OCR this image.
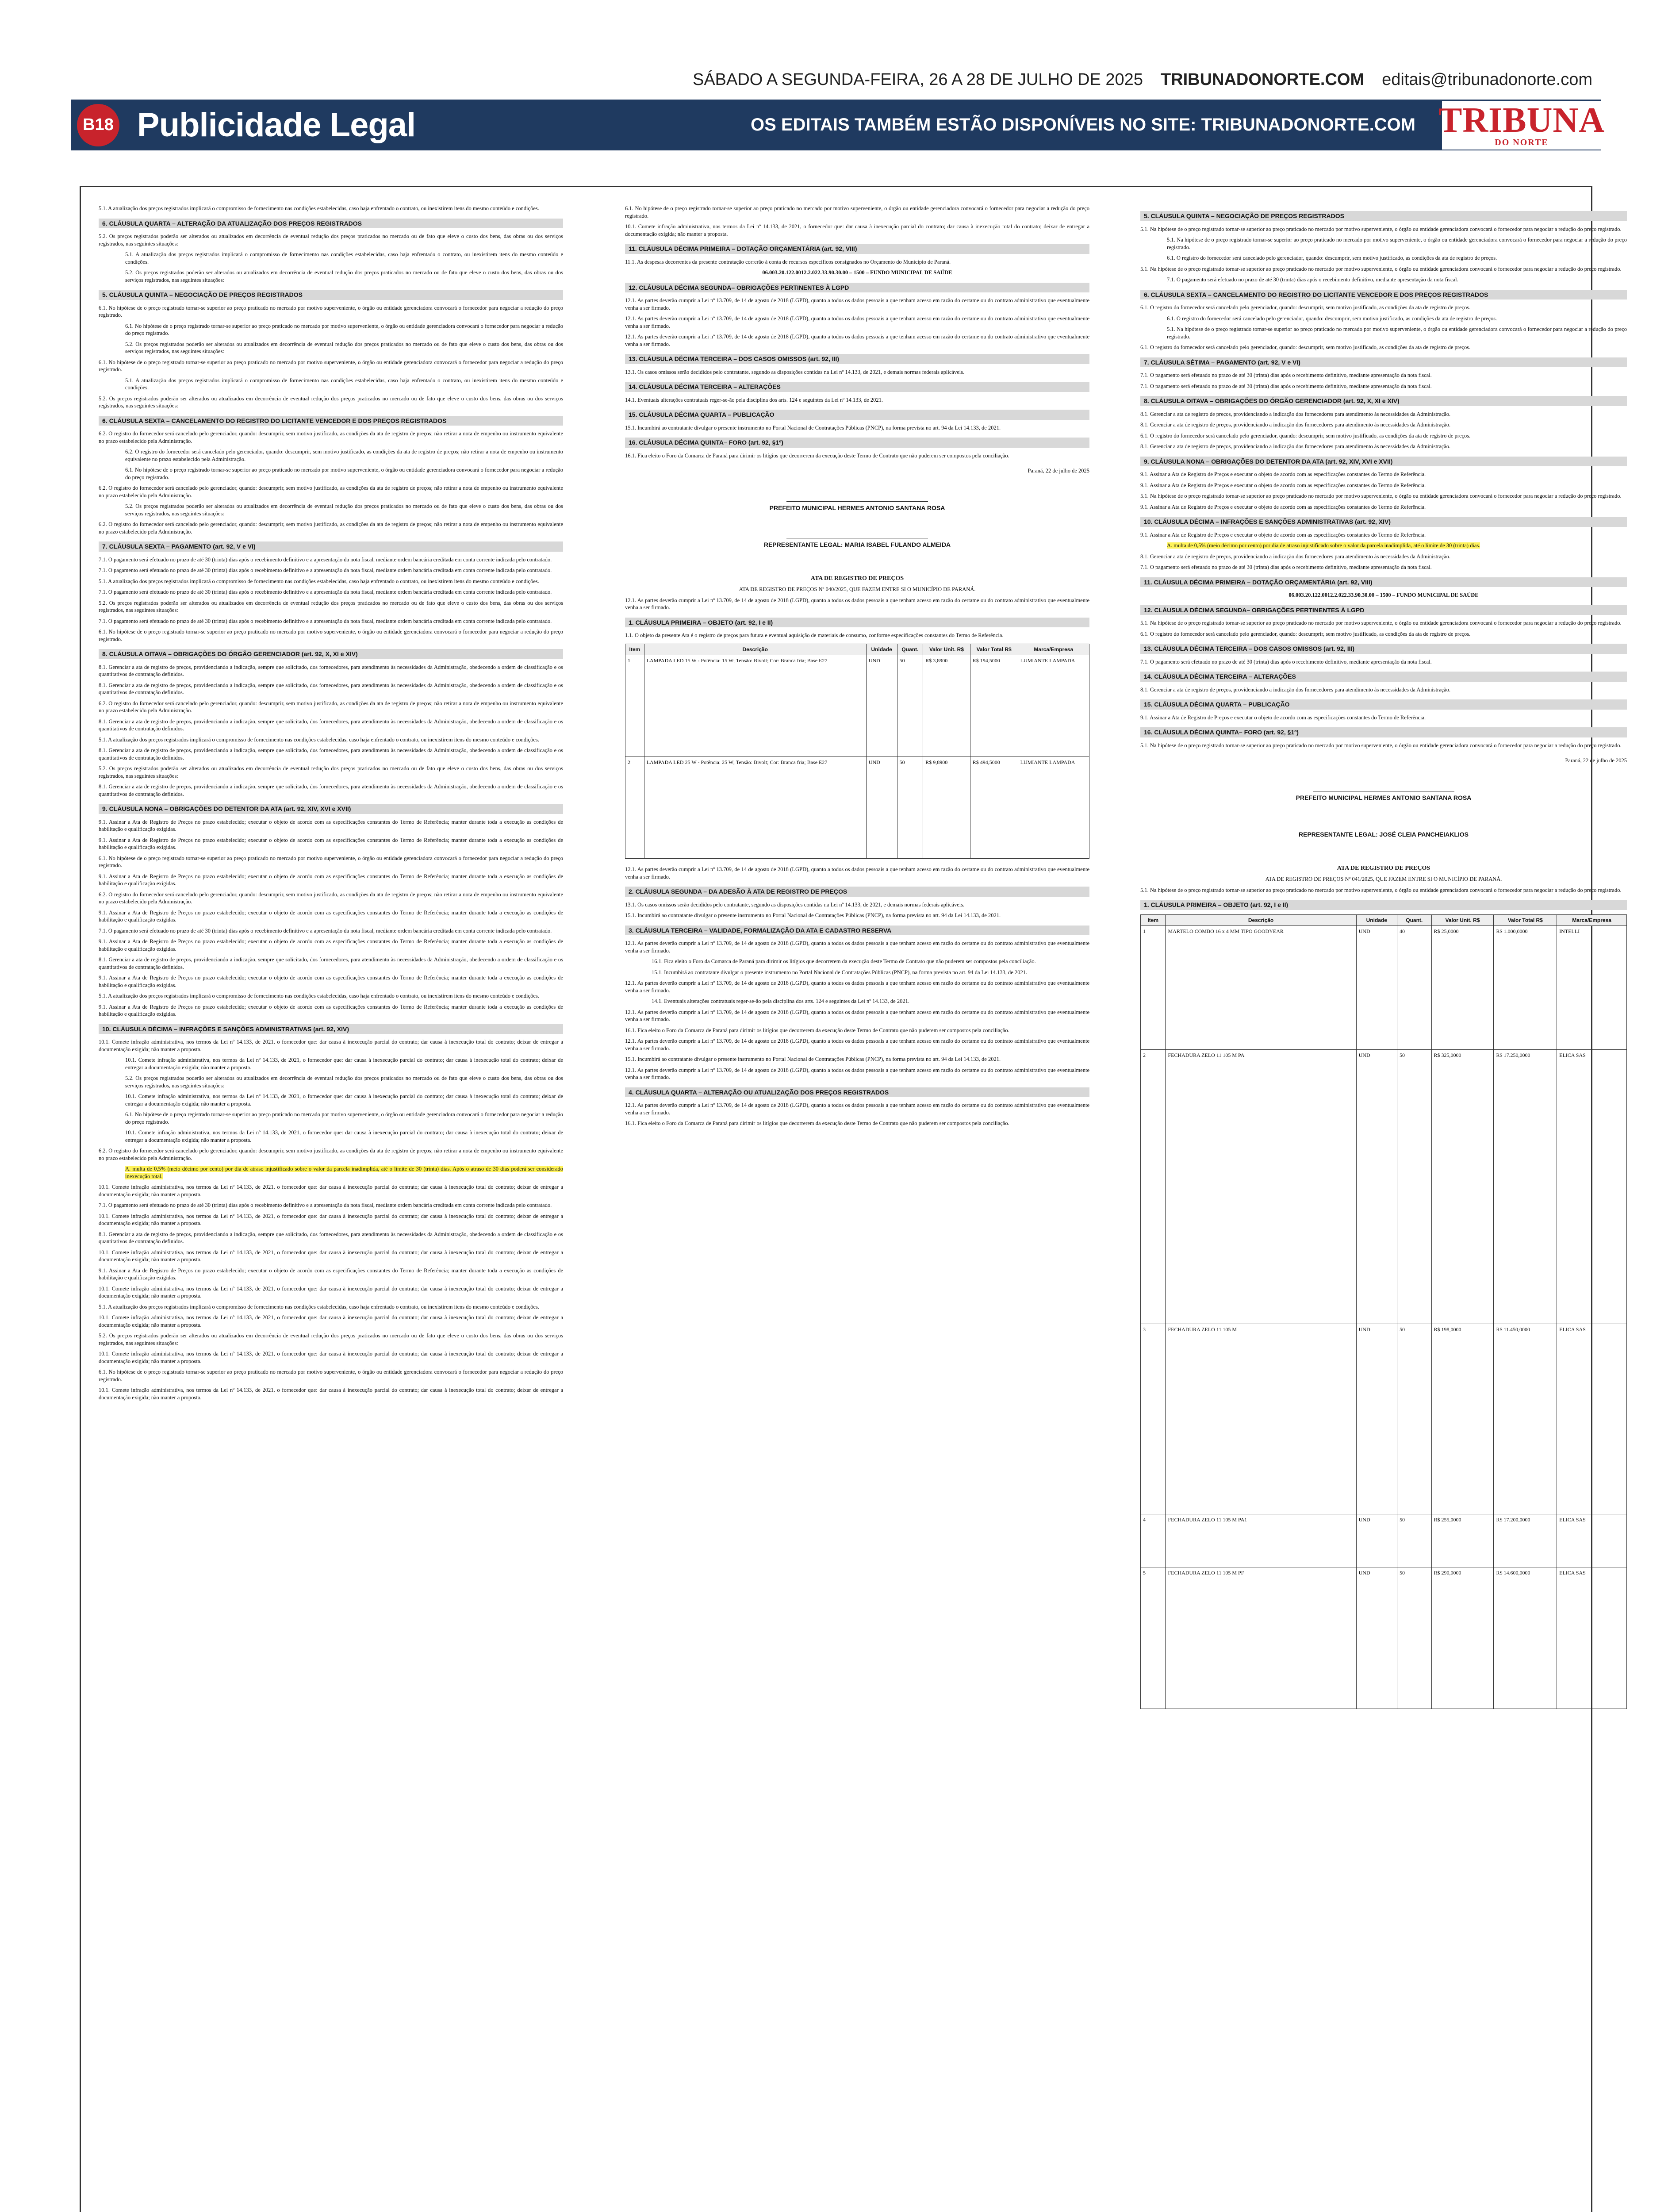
SÁBADO A SEGUNDA-FEIRA, 26 A 28 DE JULHO DE 2025 TRIBUNADONORTE.COM editais@tribunadonorte.com
B18 Publicidade Legal	OS EDITAIS TAMBÉM ESTÃO DISPONÍVEIS NO SITE: TRIBUNADONORTE.COM TRIBUNA
DO NORTE

5.1. A atualização dos preços registrados implicará o compromisso de fornecimento nas condições estabelecidas, caso haja enfrentado o contrato, ou inexistirem itens do mesmo conteúdo e condições.

6. CLÁUSULA QUARTA – ALTERAÇÃO DA ATUALIZAÇÃO DOS PREÇOS REGISTRADOS

5.2. Os preços registrados poderão ser alterados ou atualizados em decorrência de eventual redução dos preços praticados no mercado ou de fato que eleve o custo dos bens, das obras ou dos serviços registrados, nas seguintes situações:

5.1. A atualização dos preços registrados implicará o compromisso de fornecimento nas condições estabelecidas, caso haja enfrentado o contrato, ou inexistirem itens do mesmo conteúdo e condições.

5.2. Os preços registrados poderão ser alterados ou atualizados em decorrência de eventual redução dos preços praticados no mercado ou de fato que eleve o custo dos bens, das obras ou dos serviços registrados, nas seguintes situações:

5. CLÁUSULA QUINTA – NEGOCIAÇÃO DE PREÇOS REGISTRADOS

6.1. No hipótese de o preço registrado tornar-se superior ao preço praticado no mercado por motivo superveniente, o órgão ou entidade gerenciadora convocará o fornecedor para negociar a redução do preço registrado.

6.1. No hipótese de o preço registrado tornar-se superior ao preço praticado no mercado por motivo superveniente, o órgão ou entidade gerenciadora convocará o fornecedor para negociar a redução do preço registrado.

5.2. Os preços registrados poderão ser alterados ou atualizados em decorrência de eventual redução dos preços praticados no mercado ou de fato que eleve o custo dos bens, das obras ou dos serviços registrados, nas seguintes situações:

6.1. No hipótese de o preço registrado tornar-se superior ao preço praticado no mercado por motivo superveniente, o órgão ou entidade gerenciadora convocará o fornecedor para negociar a redução do preço registrado.

5.1. A atualização dos preços registrados implicará o compromisso de fornecimento nas condições estabelecidas, caso haja enfrentado o contrato, ou inexistirem itens do mesmo conteúdo e condições.

5.2. Os preços registrados poderão ser alterados ou atualizados em decorrência de eventual redução dos preços praticados no mercado ou de fato que eleve o custo dos bens, das obras ou dos serviços registrados, nas seguintes situações:

6. CLÁUSULA SEXTA – CANCELAMENTO DO REGISTRO DO LICITANTE VENCEDOR E DOS PREÇOS REGISTRADOS

6.2. O registro do fornecedor será cancelado pelo gerenciador, quando: descumprir, sem motivo justificado, as condições da ata de registro de preços; não retirar a nota de empenho ou instrumento equivalente no prazo estabelecido pela Administração.

6.2. O registro do fornecedor será cancelado pelo gerenciador, quando: descumprir, sem motivo justificado, as condições da ata de registro de preços; não retirar a nota de empenho ou instrumento equivalente no prazo estabelecido pela Administração.

6.1. No hipótese de o preço registrado tornar-se superior ao preço praticado no mercado por motivo superveniente, o órgão ou entidade gerenciadora convocará o fornecedor para negociar a redução do preço registrado.

6.2. O registro do fornecedor será cancelado pelo gerenciador, quando: descumprir, sem motivo justificado, as condições da ata de registro de preços; não retirar a nota de empenho ou instrumento equivalente no prazo estabelecido pela Administração.

5.2. Os preços registrados poderão ser alterados ou atualizados em decorrência de eventual redução dos preços praticados no mercado ou de fato que eleve o custo dos bens, das obras ou dos serviços registrados, nas seguintes situações:

6.2. O registro do fornecedor será cancelado pelo gerenciador, quando: descumprir, sem motivo justificado, as condições da ata de registro de preços; não retirar a nota de empenho ou instrumento equivalente no prazo estabelecido pela Administração.

7. CLÁUSULA SEXTA – PAGAMENTO (art. 92, V e VI)

7.1. O pagamento será efetuado no prazo de até 30 (trinta) dias após o recebimento definitivo e a apresentação da nota fiscal, mediante ordem bancária creditada em conta corrente indicada pelo contratado.

7.1. O pagamento será efetuado no prazo de até 30 (trinta) dias após o recebimento definitivo e a apresentação da nota fiscal, mediante ordem bancária creditada em conta corrente indicada pelo contratado.

5.1. A atualização dos preços registrados implicará o compromisso de fornecimento nas condições estabelecidas, caso haja enfrentado o contrato, ou inexistirem itens do mesmo conteúdo e condições.

7.1. O pagamento será efetuado no prazo de até 30 (trinta) dias após o recebimento definitivo e a apresentação da nota fiscal, mediante ordem bancária creditada em conta corrente indicada pelo contratado.

5.2. Os preços registrados poderão ser alterados ou atualizados em decorrência de eventual redução dos preços praticados no mercado ou de fato que eleve o custo dos bens, das obras ou dos serviços registrados, nas seguintes situações:

7.1. O pagamento será efetuado no prazo de até 30 (trinta) dias após o recebimento definitivo e a apresentação da nota fiscal, mediante ordem bancária creditada em conta corrente indicada pelo contratado.

6.1. No hipótese de o preço registrado tornar-se superior ao preço praticado no mercado por motivo superveniente, o órgão ou entidade gerenciadora convocará o fornecedor para negociar a redução do preço registrado.

8. CLÁUSULA OITAVA – OBRIGAÇÕES DO ÓRGÃO GERENCIADOR (art. 92, X, XI e XIV)

8.1. Gerenciar a ata de registro de preços, providenciando a indicação, sempre que solicitado, dos fornecedores, para atendimento às necessidades da Administração, obedecendo a ordem de classificação e os quantitativos de contratação definidos.

8.1. Gerenciar a ata de registro de preços, providenciando a indicação, sempre que solicitado, dos fornecedores, para atendimento às necessidades da Administração, obedecendo a ordem de classificação e os quantitativos de contratação definidos.

6.2. O registro do fornecedor será cancelado pelo gerenciador, quando: descumprir, sem motivo justificado, as condições da ata de registro de preços; não retirar a nota de empenho ou instrumento equivalente no prazo estabelecido pela Administração.

8.1. Gerenciar a ata de registro de preços, providenciando a indicação, sempre que solicitado, dos fornecedores, para atendimento às necessidades da Administração, obedecendo a ordem de classificação e os quantitativos de contratação definidos.

5.1. A atualização dos preços registrados implicará o compromisso de fornecimento nas condições estabelecidas, caso haja enfrentado o contrato, ou inexistirem itens do mesmo conteúdo e condições.

8.1. Gerenciar a ata de registro de preços, providenciando a indicação, sempre que solicitado, dos fornecedores, para atendimento às necessidades da Administração, obedecendo a ordem de classificação e os quantitativos de contratação definidos.

5.2. Os preços registrados poderão ser alterados ou atualizados em decorrência de eventual redução dos preços praticados no mercado ou de fato que eleve o custo dos bens, das obras ou dos serviços registrados, nas seguintes situações:

8.1. Gerenciar a ata de registro de preços, providenciando a indicação, sempre que solicitado, dos fornecedores, para atendimento às necessidades da Administração, obedecendo a ordem de classificação e os quantitativos de contratação definidos.

9. CLÁUSULA NONA – OBRIGAÇÕES DO DETENTOR DA ATA (art. 92, XIV, XVI e XVII)

9.1. Assinar a Ata de Registro de Preços no prazo estabelecido; executar o objeto de acordo com as especificações constantes do Termo de Referência; manter durante toda a execução as condições de habilitação e qualificação exigidas.

9.1. Assinar a Ata de Registro de Preços no prazo estabelecido; executar o objeto de acordo com as especificações constantes do Termo de Referência; manter durante toda a execução as condições de habilitação e qualificação exigidas.

6.1. No hipótese de o preço registrado tornar-se superior ao preço praticado no mercado por motivo superveniente, o órgão ou entidade gerenciadora convocará o fornecedor para negociar a redução do preço registrado.

9.1. Assinar a Ata de Registro de Preços no prazo estabelecido; executar o objeto de acordo com as especificações constantes do Termo de Referência; manter durante toda a execução as condições de habilitação e qualificação exigidas.

6.2. O registro do fornecedor será cancelado pelo gerenciador, quando: descumprir, sem motivo justificado, as condições da ata de registro de preços; não retirar a nota de empenho ou instrumento equivalente no prazo estabelecido pela Administração.

9.1. Assinar a Ata de Registro de Preços no prazo estabelecido; executar o objeto de acordo com as especificações constantes do Termo de Referência; manter durante toda a execução as condições de habilitação e qualificação exigidas.

7.1. O pagamento será efetuado no prazo de até 30 (trinta) dias após o recebimento definitivo e a apresentação da nota fiscal, mediante ordem bancária creditada em conta corrente indicada pelo contratado.

9.1. Assinar a Ata de Registro de Preços no prazo estabelecido; executar o objeto de acordo com as especificações constantes do Termo de Referência; manter durante toda a execução as condições de habilitação e qualificação exigidas.

8.1. Gerenciar a ata de registro de preços, providenciando a indicação, sempre que solicitado, dos fornecedores, para atendimento às necessidades da Administração, obedecendo a ordem de classificação e os quantitativos de contratação definidos.

9.1. Assinar a Ata de Registro de Preços no prazo estabelecido; executar o objeto de acordo com as especificações constantes do Termo de Referência; manter durante toda a execução as condições de habilitação e qualificação exigidas.

5.1. A atualização dos preços registrados implicará o compromisso de fornecimento nas condições estabelecidas, caso haja enfrentado o contrato, ou inexistirem itens do mesmo conteúdo e condições.

9.1. Assinar a Ata de Registro de Preços no prazo estabelecido; executar o objeto de acordo com as especificações constantes do Termo de Referência; manter durante toda a execução as condições de habilitação e qualificação exigidas.

10. CLÁUSULA DÉCIMA – INFRAÇÕES E SANÇÕES ADMINISTRATIVAS (art. 92, XIV)

10.1. Comete infração administrativa, nos termos da Lei nº 14.133, de 2021, o fornecedor que: dar causa à inexecução parcial do contrato; dar causa à inexecução total do contrato; deixar de entregar a documentação exigida; não manter a proposta.

10.1. Comete infração administrativa, nos termos da Lei nº 14.133, de 2021, o fornecedor que: dar causa à inexecução parcial do contrato; dar causa à inexecução total do contrato; deixar de entregar a documentação exigida; não manter a proposta.

5.2. Os preços registrados poderão ser alterados ou atualizados em decorrência de eventual redução dos preços praticados no mercado ou de fato que eleve o custo dos bens, das obras ou dos serviços registrados, nas seguintes situações:

10.1. Comete infração administrativa, nos termos da Lei nº 14.133, de 2021, o fornecedor que: dar causa à inexecução parcial do contrato; dar causa à inexecução total do contrato; deixar de entregar a documentação exigida; não manter a proposta.

6.1. No hipótese de o preço registrado tornar-se superior ao preço praticado no mercado por motivo superveniente, o órgão ou entidade gerenciadora convocará o fornecedor para negociar a redução do preço registrado.

10.1. Comete infração administrativa, nos termos da Lei nº 14.133, de 2021, o fornecedor que: dar causa à inexecução parcial do contrato; dar causa à inexecução total do contrato; deixar de entregar a documentação exigida; não manter a proposta.

6.2. O registro do fornecedor será cancelado pelo gerenciador, quando: descumprir, sem motivo justificado, as condições da ata de registro de preços; não retirar a nota de empenho ou instrumento equivalente no prazo estabelecido pela Administração.

A. multa de 0,5% (meio décimo por cento) por dia de atraso injustificado sobre o valor da parcela inadimplida, até o limite de 30 (trinta) dias. Após o atraso de 30 dias poderá ser considerado inexecução total.

10.1. Comete infração administrativa, nos termos da Lei nº 14.133, de 2021, o fornecedor que: dar causa à inexecução parcial do contrato; dar causa à inexecução total do contrato; deixar de entregar a documentação exigida; não manter a proposta.

7.1. O pagamento será efetuado no prazo de até 30 (trinta) dias após o recebimento definitivo e a apresentação da nota fiscal, mediante ordem bancária creditada em conta corrente indicada pelo contratado.

10.1. Comete infração administrativa, nos termos da Lei nº 14.133, de 2021, o fornecedor que: dar causa à inexecução parcial do contrato; dar causa à inexecução total do contrato; deixar de entregar a documentação exigida; não manter a proposta.

8.1. Gerenciar a ata de registro de preços, providenciando a indicação, sempre que solicitado, dos fornecedores, para atendimento às necessidades da Administração, obedecendo a ordem de classificação e os quantitativos de contratação definidos.

10.1. Comete infração administrativa, nos termos da Lei nº 14.133, de 2021, o fornecedor que: dar causa à inexecução parcial do contrato; dar causa à inexecução total do contrato; deixar de entregar a documentação exigida; não manter a proposta.

9.1. Assinar a Ata de Registro de Preços no prazo estabelecido; executar o objeto de acordo com as especificações constantes do Termo de Referência; manter durante toda a execução as condições de habilitação e qualificação exigidas.

10.1. Comete infração administrativa, nos termos da Lei nº 14.133, de 2021, o fornecedor que: dar causa à inexecução parcial do contrato; dar causa à inexecução total do contrato; deixar de entregar a documentação exigida; não manter a proposta.

5.1. A atualização dos preços registrados implicará o compromisso de fornecimento nas condições estabelecidas, caso haja enfrentado o contrato, ou inexistirem itens do mesmo conteúdo e condições.

10.1. Comete infração administrativa, nos termos da Lei nº 14.133, de 2021, o fornecedor que: dar causa à inexecução parcial do contrato; dar causa à inexecução total do contrato; deixar de entregar a documentação exigida; não manter a proposta.

5.2. Os preços registrados poderão ser alterados ou atualizados em decorrência de eventual redução dos preços praticados no mercado ou de fato que eleve o custo dos bens, das obras ou dos serviços registrados, nas seguintes situações:

10.1. Comete infração administrativa, nos termos da Lei nº 14.133, de 2021, o fornecedor que: dar causa à inexecução parcial do contrato; dar causa à inexecução total do contrato; deixar de entregar a documentação exigida; não manter a proposta.

6.1. No hipótese de o preço registrado tornar-se superior ao preço praticado no mercado por motivo superveniente, o órgão ou entidade gerenciadora convocará o fornecedor para negociar a redução do preço registrado.

10.1. Comete infração administrativa, nos termos da Lei nº 14.133, de 2021, o fornecedor que: dar causa à inexecução parcial do contrato; dar causa à inexecução total do contrato; deixar de entregar a documentação exigida; não manter a proposta.

6.1. No hipótese de o preço registrado tornar-se superior ao preço praticado no mercado por motivo superveniente, o órgão ou entidade gerenciadora convocará o fornecedor para negociar a redução do preço registrado.

10.1. Comete infração administrativa, nos termos da Lei nº 14.133, de 2021, o fornecedor que: dar causa à inexecução parcial do contrato; dar causa à inexecução total do contrato; deixar de entregar a documentação exigida; não manter a proposta.

11. CLÁUSULA DÉCIMA PRIMEIRA – DOTAÇÃO ORÇAMENTÁRIA (art. 92, VIII)

11.1. As despesas decorrentes da presente contratação correrão à conta de recursos específicos consignados no Orçamento do Município de Paraná.

06.003.20.122.0012.2.022.33.90.30.00 – 1500 – FUNDO MUNICIPAL DE SAÚDE

12. CLÁUSULA DÉCIMA SEGUNDA– OBRIGAÇÕES PERTINENTES À LGPD

12.1. As partes deverão cumprir a Lei nº 13.709, de 14 de agosto de 2018 (LGPD), quanto a todos os dados pessoais a que tenham acesso em razão do certame ou do contrato administrativo que eventualmente venha a ser firmado.

12.1. As partes deverão cumprir a Lei nº 13.709, de 14 de agosto de 2018 (LGPD), quanto a todos os dados pessoais a que tenham acesso em razão do certame ou do contrato administrativo que eventualmente venha a ser firmado.

12.1. As partes deverão cumprir a Lei nº 13.709, de 14 de agosto de 2018 (LGPD), quanto a todos os dados pessoais a que tenham acesso em razão do certame ou do contrato administrativo que eventualmente venha a ser firmado.

13. CLÁUSULA DÉCIMA TERCEIRA – DOS CASOS OMISSOS (art. 92, III)

13.1. Os casos omissos serão decididos pelo contratante, segundo as disposições contidas na Lei nº 14.133, de 2021, e demais normas federais aplicáveis.

14. CLÁUSULA DÉCIMA TERCEIRA – ALTERAÇÕES

14.1. Eventuais alterações contratuais reger-se-ão pela disciplina dos arts. 124 e seguintes da Lei nº 14.133, de 2021.

15. CLÁUSULA DÉCIMA QUARTA – PUBLICAÇÃO

15.1. Incumbirá ao contratante divulgar o presente instrumento no Portal Nacional de Contratações Públicas (PNCP), na forma prevista no art. 94 da Lei 14.133, de 2021.

16. CLÁUSULA DÉCIMA QUINTA– FORO (art. 92, §1º)

16.1. Fica eleito o Foro da Comarca de Paraná para dirimir os litígios que decorrerem da execução deste Termo de Contrato que não puderem ser compostos pela conciliação.

Paraná, 22 de julho de 2025

PREFEITO MUNICIPAL HERMES ANTONIO SANTANA ROSA
REPRESENTANTE LEGAL: MARIA ISABEL FULANDO ALMEIDA

ATA DE REGISTRO DE PREÇOS

ATA DE REGISTRO DE PREÇOS Nº 040/2025, QUE FAZEM ENTRE SI O MUNICÍPIO DE PARANÁ.

12.1. As partes deverão cumprir a Lei nº 13.709, de 14 de agosto de 2018 (LGPD), quanto a todos os dados pessoais a que tenham acesso em razão do certame ou do contrato administrativo que eventualmente venha a ser firmado.

1. CLÁUSULA PRIMEIRA – OBJETO (art. 92, I e II)

1.1. O objeto da presente Ata é o registro de preços para futura e eventual aquisição de materiais de consumo, conforme especificações constantes do Termo de Referência.

Item	Descrição	Unidade	Quant.	Valor Unit. R$	Valor Total R$	Marca/Empresa
1	LAMPADA LED 15 W - Potência: 15 W; Tensão: Bivolt; Cor: Branca fria; Base E27	UND	50	R$ 3,8900	R$ 194,5000	LUMIANTE LAMPADA
2	LAMPADA LED 25 W - Potência: 25 W; Tensão: Bivolt; Cor: Branca fria; Base E27	UND	50	R$ 9,8900	R$ 494,5000	LUMIANTE LAMPADA

12.1. As partes deverão cumprir a Lei nº 13.709, de 14 de agosto de 2018 (LGPD), quanto a todos os dados pessoais a que tenham acesso em razão do certame ou do contrato administrativo que eventualmente venha a ser firmado.

2. CLÁUSULA SEGUNDA – DA ADESÃO À ATA DE REGISTRO DE PREÇOS

13.1. Os casos omissos serão decididos pelo contratante, segundo as disposições contidas na Lei nº 14.133, de 2021, e demais normas federais aplicáveis.

15.1. Incumbirá ao contratante divulgar o presente instrumento no Portal Nacional de Contratações Públicas (PNCP), na forma prevista no art. 94 da Lei 14.133, de 2021.

3. CLÁUSULA TERCEIRA – VALIDADE, FORMALIZAÇÃO DA ATA E CADASTRO RESERVA

12.1. As partes deverão cumprir a Lei nº 13.709, de 14 de agosto de 2018 (LGPD), quanto a todos os dados pessoais a que tenham acesso em razão do certame ou do contrato administrativo que eventualmente venha a ser firmado.

16.1. Fica eleito o Foro da Comarca de Paraná para dirimir os litígios que decorrerem da execução deste Termo de Contrato que não puderem ser compostos pela conciliação.

15.1. Incumbirá ao contratante divulgar o presente instrumento no Portal Nacional de Contratações Públicas (PNCP), na forma prevista no art. 94 da Lei 14.133, de 2021.

12.1. As partes deverão cumprir a Lei nº 13.709, de 14 de agosto de 2018 (LGPD), quanto a todos os dados pessoais a que tenham acesso em razão do certame ou do contrato administrativo que eventualmente venha a ser firmado.

14.1. Eventuais alterações contratuais reger-se-ão pela disciplina dos arts. 124 e seguintes da Lei nº 14.133, de 2021.

12.1. As partes deverão cumprir a Lei nº 13.709, de 14 de agosto de 2018 (LGPD), quanto a todos os dados pessoais a que tenham acesso em razão do certame ou do contrato administrativo que eventualmente venha a ser firmado.

16.1. Fica eleito o Foro da Comarca de Paraná para dirimir os litígios que decorrerem da execução deste Termo de Contrato que não puderem ser compostos pela conciliação.

12.1. As partes deverão cumprir a Lei nº 13.709, de 14 de agosto de 2018 (LGPD), quanto a todos os dados pessoais a que tenham acesso em razão do certame ou do contrato administrativo que eventualmente venha a ser firmado.

15.1. Incumbirá ao contratante divulgar o presente instrumento no Portal Nacional de Contratações Públicas (PNCP), na forma prevista no art. 94 da Lei 14.133, de 2021.

12.1. As partes deverão cumprir a Lei nº 13.709, de 14 de agosto de 2018 (LGPD), quanto a todos os dados pessoais a que tenham acesso em razão do certame ou do contrato administrativo que eventualmente venha a ser firmado.

4. CLÁUSULA QUARTA – ALTERAÇÃO OU ATUALIZAÇÃO DOS PREÇOS REGISTRADOS

12.1. As partes deverão cumprir a Lei nº 13.709, de 14 de agosto de 2018 (LGPD), quanto a todos os dados pessoais a que tenham acesso em razão do certame ou do contrato administrativo que eventualmente venha a ser firmado.

16.1. Fica eleito o Foro da Comarca de Paraná para dirimir os litígios que decorrerem da execução deste Termo de Contrato que não puderem ser compostos pela conciliação.

5. CLÁUSULA QUINTA – NEGOCIAÇÃO DE PREÇOS REGISTRADOS

5.1. Na hipótese de o preço registrado tornar-se superior ao preço praticado no mercado por motivo superveniente, o órgão ou entidade gerenciadora convocará o fornecedor para negociar a redução do preço registrado.

5.1. Na hipótese de o preço registrado tornar-se superior ao preço praticado no mercado por motivo superveniente, o órgão ou entidade gerenciadora convocará o fornecedor para negociar a redução do preço registrado.

6.1. O registro do fornecedor será cancelado pelo gerenciador, quando: descumprir, sem motivo justificado, as condições da ata de registro de preços.

5.1. Na hipótese de o preço registrado tornar-se superior ao preço praticado no mercado por motivo superveniente, o órgão ou entidade gerenciadora convocará o fornecedor para negociar a redução do preço registrado.

7.1. O pagamento será efetuado no prazo de até 30 (trinta) dias após o recebimento definitivo, mediante apresentação da nota fiscal.

6. CLÁUSULA SEXTA – CANCELAMENTO DO REGISTRO DO LICITANTE VENCEDOR E DOS PREÇOS REGISTRADOS

6.1. O registro do fornecedor será cancelado pelo gerenciador, quando: descumprir, sem motivo justificado, as condições da ata de registro de preços.

6.1. O registro do fornecedor será cancelado pelo gerenciador, quando: descumprir, sem motivo justificado, as condições da ata de registro de preços.

5.1. Na hipótese de o preço registrado tornar-se superior ao preço praticado no mercado por motivo superveniente, o órgão ou entidade gerenciadora convocará o fornecedor para negociar a redução do preço registrado.

6.1. O registro do fornecedor será cancelado pelo gerenciador, quando: descumprir, sem motivo justificado, as condições da ata de registro de preços.

7. CLÁUSULA SÉTIMA – PAGAMENTO (art. 92, V e VI)

7.1. O pagamento será efetuado no prazo de até 30 (trinta) dias após o recebimento definitivo, mediante apresentação da nota fiscal.

7.1. O pagamento será efetuado no prazo de até 30 (trinta) dias após o recebimento definitivo, mediante apresentação da nota fiscal.

8. CLÁUSULA OITAVA – OBRIGAÇÕES DO ÓRGÃO GERENCIADOR (art. 92, X, XI e XIV)

8.1. Gerenciar a ata de registro de preços, providenciando a indicação dos fornecedores para atendimento às necessidades da Administração.

8.1. Gerenciar a ata de registro de preços, providenciando a indicação dos fornecedores para atendimento às necessidades da Administração.

6.1. O registro do fornecedor será cancelado pelo gerenciador, quando: descumprir, sem motivo justificado, as condições da ata de registro de preços.

8.1. Gerenciar a ata de registro de preços, providenciando a indicação dos fornecedores para atendimento às necessidades da Administração.

9. CLÁUSULA NONA – OBRIGAÇÕES DO DETENTOR DA ATA (art. 92, XIV, XVI e XVII)

9.1. Assinar a Ata de Registro de Preços e executar o objeto de acordo com as especificações constantes do Termo de Referência.

9.1. Assinar a Ata de Registro de Preços e executar o objeto de acordo com as especificações constantes do Termo de Referência.

5.1. Na hipótese de o preço registrado tornar-se superior ao preço praticado no mercado por motivo superveniente, o órgão ou entidade gerenciadora convocará o fornecedor para negociar a redução do preço registrado.

9.1. Assinar a Ata de Registro de Preços e executar o objeto de acordo com as especificações constantes do Termo de Referência.

10. CLÁUSULA DÉCIMA – INFRAÇÕES E SANÇÕES ADMINISTRATIVAS (art. 92, XIV)

9.1. Assinar a Ata de Registro de Preços e executar o objeto de acordo com as especificações constantes do Termo de Referência.

A. multa de 0,5% (meio décimo por cento) por dia de atraso injustificado sobre o valor da parcela inadimplida, até o limite de 30 (trinta) dias.

8.1. Gerenciar a ata de registro de preços, providenciando a indicação dos fornecedores para atendimento às necessidades da Administração.

7.1. O pagamento será efetuado no prazo de até 30 (trinta) dias após o recebimento definitivo, mediante apresentação da nota fiscal.

11. CLÁUSULA DÉCIMA PRIMEIRA – DOTAÇÃO ORÇAMENTÁRIA (art. 92, VIII)

06.003.20.122.0012.2.022.33.90.30.00 – 1500 – FUNDO MUNICIPAL DE SAÚDE

12. CLÁUSULA DÉCIMA SEGUNDA– OBRIGAÇÕES PERTINENTES À LGPD

5.1. Na hipótese de o preço registrado tornar-se superior ao preço praticado no mercado por motivo superveniente, o órgão ou entidade gerenciadora convocará o fornecedor para negociar a redução do preço registrado.

6.1. O registro do fornecedor será cancelado pelo gerenciador, quando: descumprir, sem motivo justificado, as condições da ata de registro de preços.

13. CLÁUSULA DÉCIMA TERCEIRA – DOS CASOS OMISSOS (art. 92, III)

7.1. O pagamento será efetuado no prazo de até 30 (trinta) dias após o recebimento definitivo, mediante apresentação da nota fiscal.

14. CLÁUSULA DÉCIMA TERCEIRA – ALTERAÇÕES

8.1. Gerenciar a ata de registro de preços, providenciando a indicação dos fornecedores para atendimento às necessidades da Administração.

15. CLÁUSULA DÉCIMA QUARTA – PUBLICAÇÃO

9.1. Assinar a Ata de Registro de Preços e executar o objeto de acordo com as especificações constantes do Termo de Referência.

16. CLÁUSULA DÉCIMA QUINTA– FORO (art. 92, §1º)

5.1. Na hipótese de o preço registrado tornar-se superior ao preço praticado no mercado por motivo superveniente, o órgão ou entidade gerenciadora convocará o fornecedor para negociar a redução do preço registrado.

Paraná, 22 de julho de 2025

PREFEITO MUNICIPAL HERMES ANTONIO SANTANA ROSA
REPRESENTANTE LEGAL: JOSÉ CLEIA PANCHEIAKLIOS

ATA DE REGISTRO DE PREÇOS

ATA DE REGISTRO DE PREÇOS Nº 041/2025, QUE FAZEM ENTRE SI O MUNICÍPIO DE PARANÁ.

5.1. Na hipótese de o preço registrado tornar-se superior ao preço praticado no mercado por motivo superveniente, o órgão ou entidade gerenciadora convocará o fornecedor para negociar a redução do preço registrado.

1. CLÁUSULA PRIMEIRA – OBJETO (art. 92, I e II)
Item	Descrição	Unidade	Quant.	Valor Unit. R$	Valor Total R$	Marca/Empresa
1	MARTELO COMBO 16 x 4 MM TIPO GOODYEAR	UND	40	R$ 25,0000	R$ 1.000,0000	INTELLI
2	FECHADURA ZELO 11 105 M PA	UND	50	R$ 325,0000	R$ 17.250,0000	ELICA SAS
3	FECHADURA ZELO 11 105 M	UND	50	R$ 198,0000	R$ 11.450,0000	ELICA SAS
4	FECHADURA ZELO 11 105 M PA1	UND	50	R$ 255,0000	R$ 17.200,0000	ELICA SAS
5	FECHADURA ZELO 11 105 M PF	UND	50	R$ 290,0000	R$ 14.600,0000	ELICA SAS
